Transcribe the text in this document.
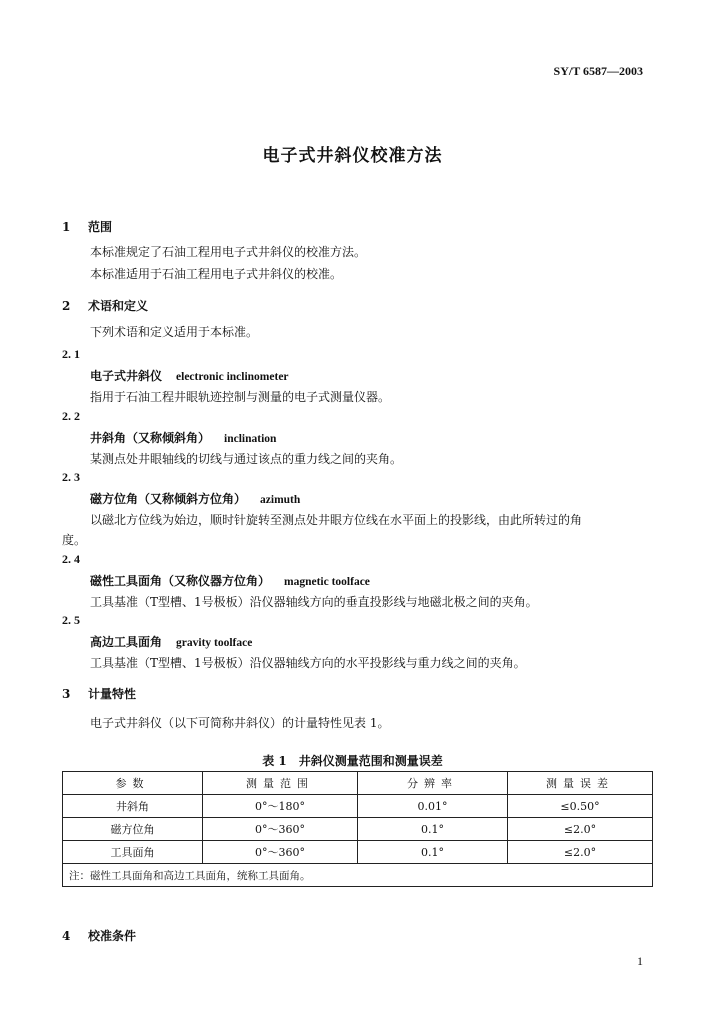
SY/T 6587—2003
电子式井斜仪校准方法
1 范围
本标准规定了石油工程用电子式井斜仪的校准方法。
本标准适用于石油工程用电子式井斜仪的校准。
2 术语和定义
下列术语和定义适用于本标准。
2. 1
电子式井斜仪 electronic inclinometer
指用于石油工程井眼轨迹控制与测量的电子式测量仪器。
2. 2
井斜角（又称倾斜角） inclination
某测点处井眼轴线的切线与通过该点的重力线之间的夹角。
2. 3
磁方位角（又称倾斜方位角） azimuth
以磁北方位线为始边，顺时针旋转至测点处井眼方位线在水平面上的投影线，由此所转过的角
度。
2. 4
磁性工具面角（又称仪器方位角） magnetic toolface
工具基准（T型槽、1号极板）沿仪器轴线方向的垂直投影线与地磁北极之间的夹角。
2. 5
高边工具面角 gravity toolface
工具基准（T型槽、1号极板）沿仪器轴线方向的水平投影线与重力线之间的夹角。
3 计量特性
电子式井斜仪（以下可简称井斜仪）的计量特性见表 1。
表 1　井斜仪测量范围和测量误差
参数	测量范围	分辨率	测量误差
井斜角	0°～180°	0.01°	≤0.50°
磁方位角	0°～360°	0.1°	≤2.0°
工具面角	0°～360°	0.1°	≤2.0°
注：磁性工具面角和高边工具面角，统称工具面角。			
4 校准条件
1
